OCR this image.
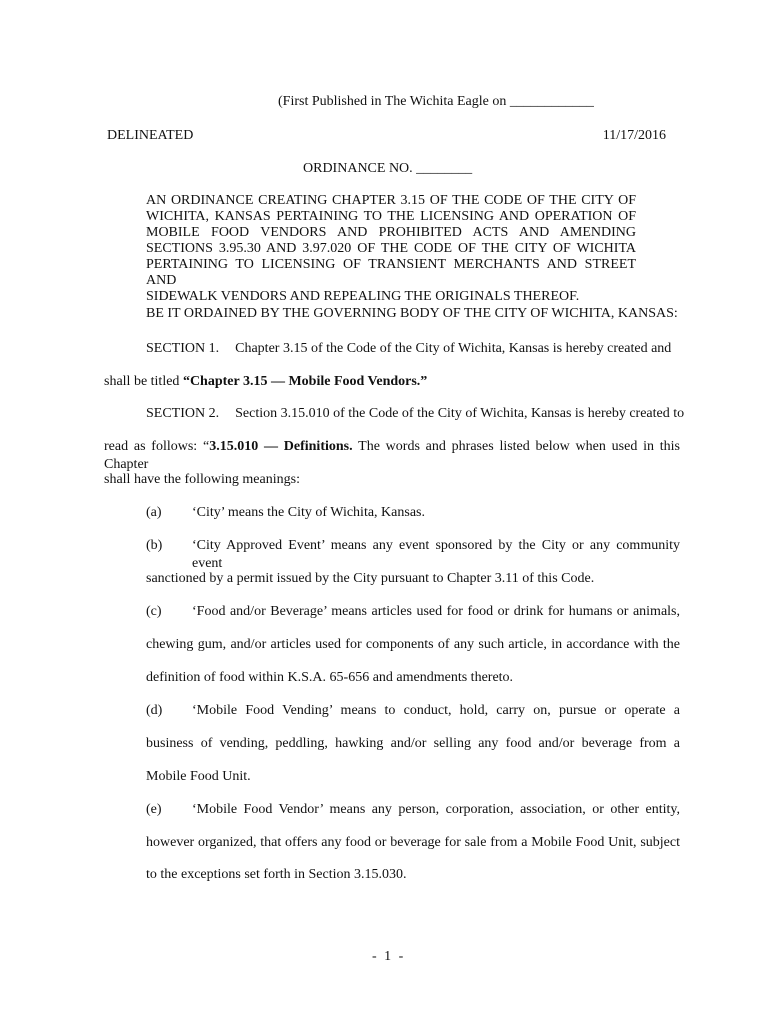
(First Published in The Wichita Eagle on ____________
DELINEATED	11/17/2016
ORDINANCE NO. ________
AN ORDINANCE CREATING CHAPTER 3.15 OF THE CODE OF THE CITY OF
WICHITA, KANSAS PERTAINING TO THE LICENSING AND OPERATION OF
MOBILE FOOD VENDORS AND PROHIBITED ACTS AND AMENDING
SECTIONS 3.95.30 AND 3.97.020 OF THE CODE OF THE CITY OF WICHITA
PERTAINING TO LICENSING OF TRANSIENT MERCHANTS AND STREET AND
SIDEWALK VENDORS AND REPEALING THE ORIGINALS THEREOF.
BE IT ORDAINED BY THE GOVERNING BODY OF THE CITY OF WICHITA, KANSAS:
SECTION 1. Chapter 3.15 of the Code of the City of Wichita, Kansas is hereby created and
shall be titled “Chapter 3.15 — Mobile Food Vendors.”
SECTION 2. Section 3.15.010 of the Code of the City of Wichita, Kansas is hereby created to
read as follows: “3.15.010 — Definitions. The words and phrases listed below when used in this Chapter
shall have the following meanings:
(a) ‘City’ means the City of Wichita, Kansas.
(b) ‘City Approved Event’ means any event sponsored by the City or any community event
sanctioned by a permit issued by the City pursuant to Chapter 3.11 of this Code.
(c) ‘Food and/or Beverage’ means articles used for food or drink for humans or animals,
chewing gum, and/or articles used for components of any such article, in accordance with the
definition of food within K.S.A. 65-656 and amendments thereto.
(d) ‘Mobile Food Vending’ means to conduct, hold, carry on, pursue or operate a
business of vending, peddling, hawking and/or selling any food and/or beverage from a
Mobile Food Unit.
(e) ‘Mobile Food Vendor’ means any person, corporation, association, or other entity,
however organized, that offers any food or beverage for sale from a Mobile Food Unit, subject
to the exceptions set forth in Section 3.15.030.
- 1 -
